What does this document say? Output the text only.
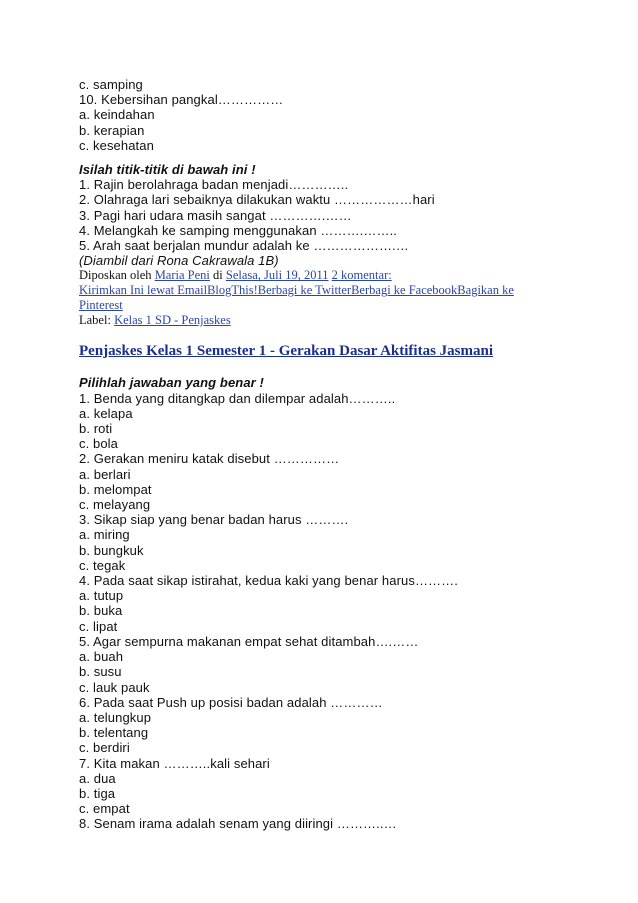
c. samping
10. Kebersihan pangkal……………
a. keindahan
b. kerapian
c. kesehatan
Isilah titik-titik di bawah ini !
1. Rajin berolahraga badan menjadi…………..
2. Olahraga lari sebaiknya dilakukan waktu ………………hari
3. Pagi hari udara masih sangat ………….……
4. Melangkah ke samping menggunakan ……….……..
5. Arah saat berjalan mundur adalah ke ……………….…
(Diambil dari Rona Cakrawala 1B)
Diposkan oleh Maria Peni di Selasa, Juli 19, 2011 2 komentar:
Kirimkan Ini lewat EmailBlogThis!Berbagi ke TwitterBerbagi ke FacebookBagikan ke Pinterest
Label: Kelas 1 SD - Penjaskes
Penjaskes Kelas 1 Semester 1 - Gerakan Dasar Aktifitas Jasmani
Pilihlah jawaban yang benar !
1. Benda yang ditangkap dan dilempar adalah………..
a. kelapa
b. roti
c. bola
2. Gerakan meniru katak disebut ……………
a. berlari
b. melompat
c. melayang
3. Sikap siap yang benar badan harus ……….
a. miring
b. bungkuk
c. tegak
4. Pada saat sikap istirahat, kedua kaki yang benar harus……….
a. tutup
b. buka
c. lipat
5. Agar sempurna makanan empat sehat ditambah….……
a. buah
b. susu
c. lauk pauk
6. Pada saat Push up posisi badan adalah …………
a. telungkup
b. telentang
c. berdiri
7. Kita makan ………..kali sehari
a. dua
b. tiga
c. empat
8. Senam irama adalah senam yang diiringi ………..…
